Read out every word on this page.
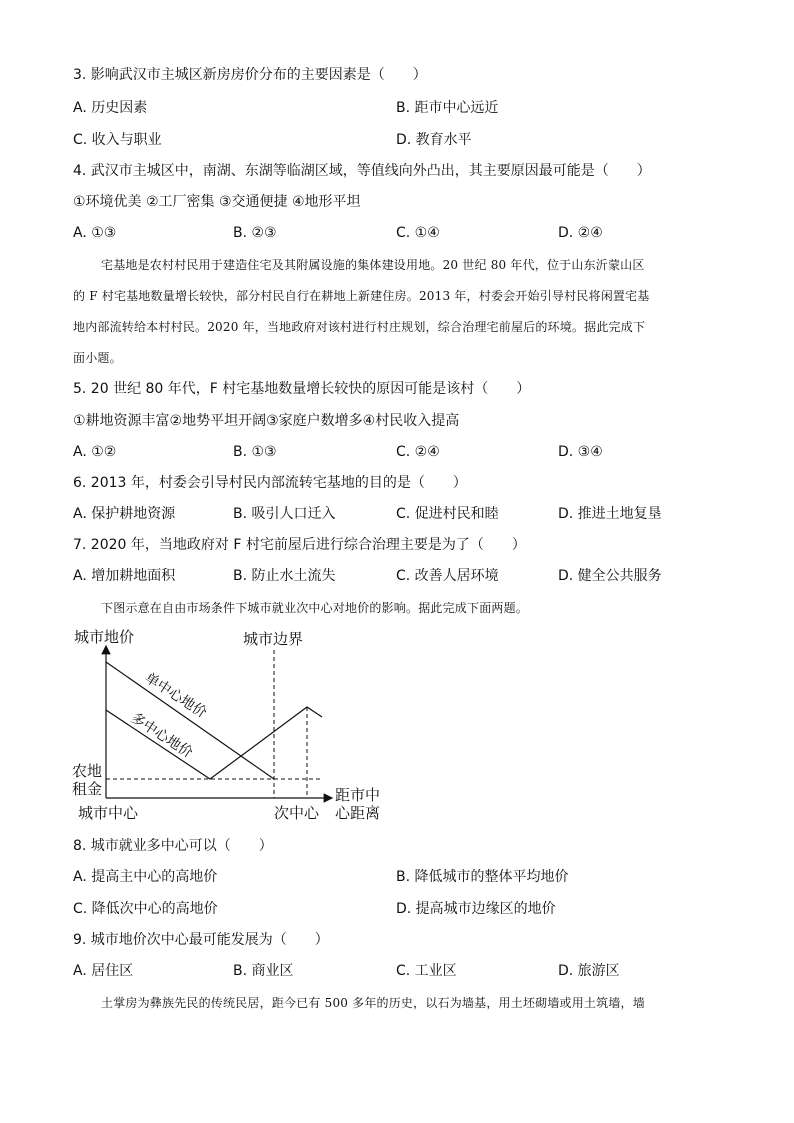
3. 影响武汉市主城区新房房价分布的主要因素是（　　）
A. 历史因素	B. 距市中心远近
C. 收入与职业	D. 教育水平
4. 武汉市主城区中，南湖、东湖等临湖区域，等值线向外凸出，其主要原因最可能是（　　）
①环境优美 ②工厂密集 ③交通便捷 ④地形平坦
A. ①③	B. ②③	C. ①④	D. ②④
宅基地是农村村民用于建造住宅及其附属设施的集体建设用地。20 世纪 80 年代，位于山东沂蒙山区
的 F 村宅基地数量增长较快，部分村民自行在耕地上新建住房。2013 年，村委会开始引导村民将闲置宅基
地内部流转给本村村民。2020 年，当地政府对该村进行村庄规划，综合治理宅前屋后的环境。据此完成下
面小题。
5. 20 世纪 80 年代，F 村宅基地数量增长较快的原因可能是该村（　　）
①耕地资源丰富②地势平坦开阔③家庭户数增多④村民收入提高
A. ①②	B. ①③	C. ②④	D. ③④
6. 2013 年，村委会引导村民内部流转宅基地的目的是（　　）
A. 保护耕地资源	B. 吸引人口迁入	C. 促进村民和睦	D. 推进土地复垦
7. 2020 年，当地政府对 F 村宅前屋后进行综合治理主要是为了（　　）
A. 增加耕地面积	B. 防止水土流失	C. 改善人居环境	D. 健全公共服务
下图示意在自由市场条件下城市就业次中心对地价的影响。据此完成下面两题。
城市地价	城市边界
单中心地价
多中心地价
农地
租金
城市中心	次中心
距市中
心距离
8. 城市就业多中心可以（　　）
A. 提高主中心的高地价	B. 降低城市的整体平均地价
C. 降低次中心的高地价	D. 提高城市边缘区的地价
9. 城市地价次中心最可能发展为（　　）
A. 居住区	B. 商业区	C. 工业区	D. 旅游区
土掌房为彝族先民的传统民居，距今已有 500 多年的历史，以石为墙基，用土坯砌墙或用土筑墙，墙
